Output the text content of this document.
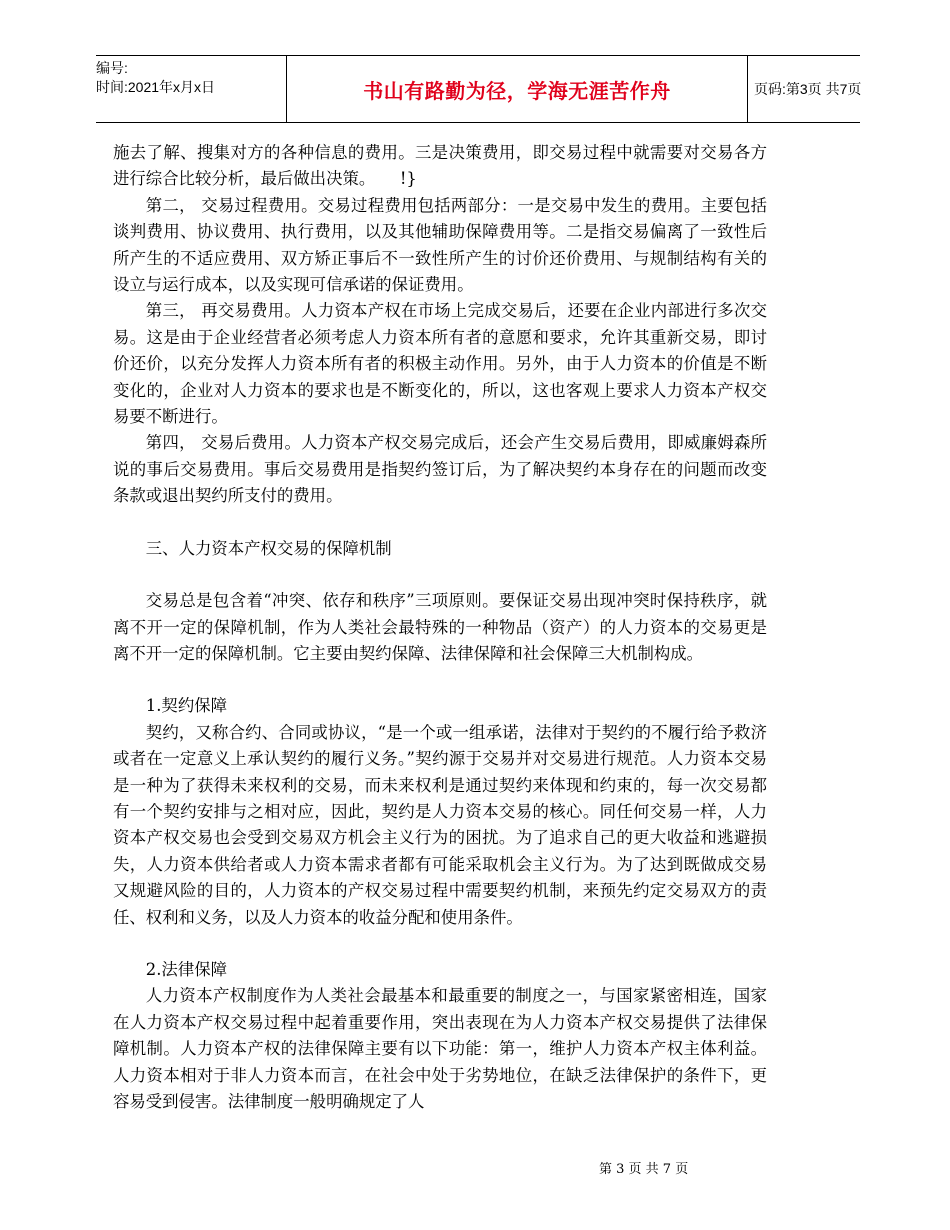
编号:
时间:2021年x月x日	书山有路勤为径，学海无涯苦作舟	页码:第3页 共7页

施去了解、搜集对方的各种信息的费用。三是决策费用，即交易过程中就需要对交易各方进行综合比较分析，最后做出决策。　　!}

第二， 交易过程费用。交易过程费用包括两部分：一是交易中发生的费用。主要包括谈判费用、协议费用、执行费用，以及其他辅助保障费用等。二是指交易偏离了一致性后所产生的不适应费用、双方矫正事后不一致性所产生的讨价还价费用、与规制结构有关的设立与运行成本，以及实现可信承诺的保证费用。

第三， 再交易费用。人力资本产权在市场上完成交易后，还要在企业内部进行多次交易。这是由于企业经营者必须考虑人力资本所有者的意愿和要求，允许其重新交易，即讨价还价，以充分发挥人力资本所有者的积极主动作用。另外，由于人力资本的价值是不断变化的，企业对人力资本的要求也是不断变化的，所以，这也客观上要求人力资本产权交易要不断进行。

第四， 交易后费用。人力资本产权交易完成后，还会产生交易后费用，即威廉姆森所说的事后交易费用。事后交易费用是指契约签订后，为了解决契约本身存在的问题而改变条款或退出契约所支付的费用。

三、人力资本产权交易的保障机制

交易总是包含着“冲突、依存和秩序”三项原则。要保证交易出现冲突时保持秩序，就离不开一定的保障机制，作为人类社会最特殊的一种物品（资产）的人力资本的交易更是离不开一定的保障机制。它主要由契约保障、法律保障和社会保障三大机制构成。

1.契约保障

契约，又称合约、合同或协议，“是一个或一组承诺，法律对于契约的不履行给予救济或者在一定意义上承认契约的履行义务。”契约源于交易并对交易进行规范。人力资本交易是一种为了获得未来权利的交易，而未来权利是通过契约来体现和约束的，每一次交易都有一个契约安排与之相对应，因此，契约是人力资本交易的核心。同任何交易一样，人力资本产权交易也会受到交易双方机会主义行为的困扰。为了追求自己的更大收益和逃避损失，人力资本供给者或人力资本需求者都有可能采取机会主义行为。为了达到既做成交易又规避风险的目的，人力资本的产权交易过程中需要契约机制，来预先约定交易双方的责任、权利和义务，以及人力资本的收益分配和使用条件。

2.法律保障

人力资本产权制度作为人类社会最基本和最重要的制度之一，与国家紧密相连，国家在人力资本产权交易过程中起着重要作用，突出表现在为人力资本产权交易提供了法律保障机制。人力资本产权的法律保障主要有以下功能：第一，维护人力资本产权主体利益。人力资本相对于非人力资本而言，在社会中处于劣势地位，在缺乏法律保护的条件下，更容易受到侵害。法律制度一般明确规定了人

第 3 页 共 7 页
